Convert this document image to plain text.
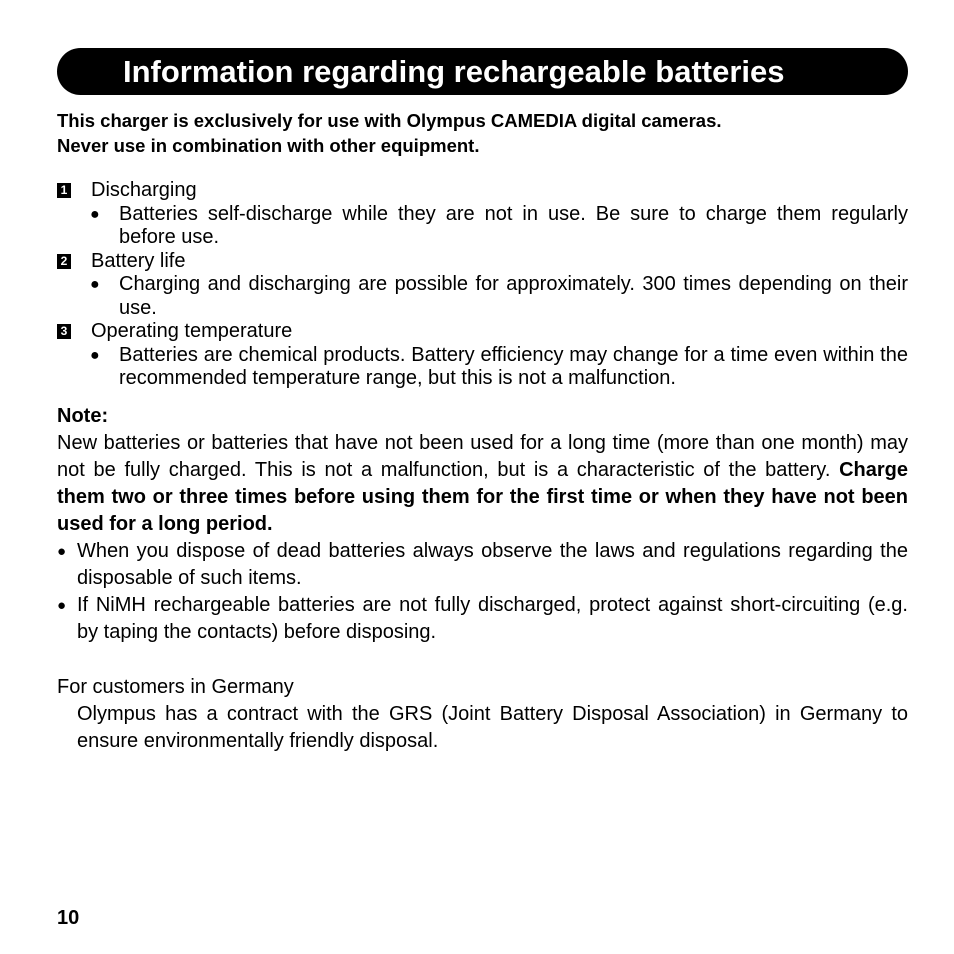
Information regarding rechargeable batteries
This charger is exclusively for use with Olympus CAMEDIA digital cameras.
Never use in combination with other equipment.
1 Discharging
● Batteries self-discharge while they are not in use. Be sure to charge them regularly before use.
2 Battery life
● Charging and discharging are possible for approximately. 300 times depending on their use.
3 Operating temperature
● Batteries are chemical products. Battery efficiency may change for a time even within the recommended temperature range, but this is not a malfunction.
Note:
New batteries or batteries that have not been used for a long time (more than one month) may not be fully charged. This is not a malfunction, but is a characteristic of the battery. Charge them two or three times before using them for the first time or when they have not been used for a long period.
● When you dispose of dead batteries always observe the laws and regulations regarding the disposable of such items.
● If NiMH rechargeable batteries are not fully discharged, protect against short-circuiting (e.g. by taping the contacts) before disposing.
For customers in Germany
Olympus has a contract with the GRS (Joint Battery Disposal Association) in Germany to ensure environmentally friendly disposal.
10
